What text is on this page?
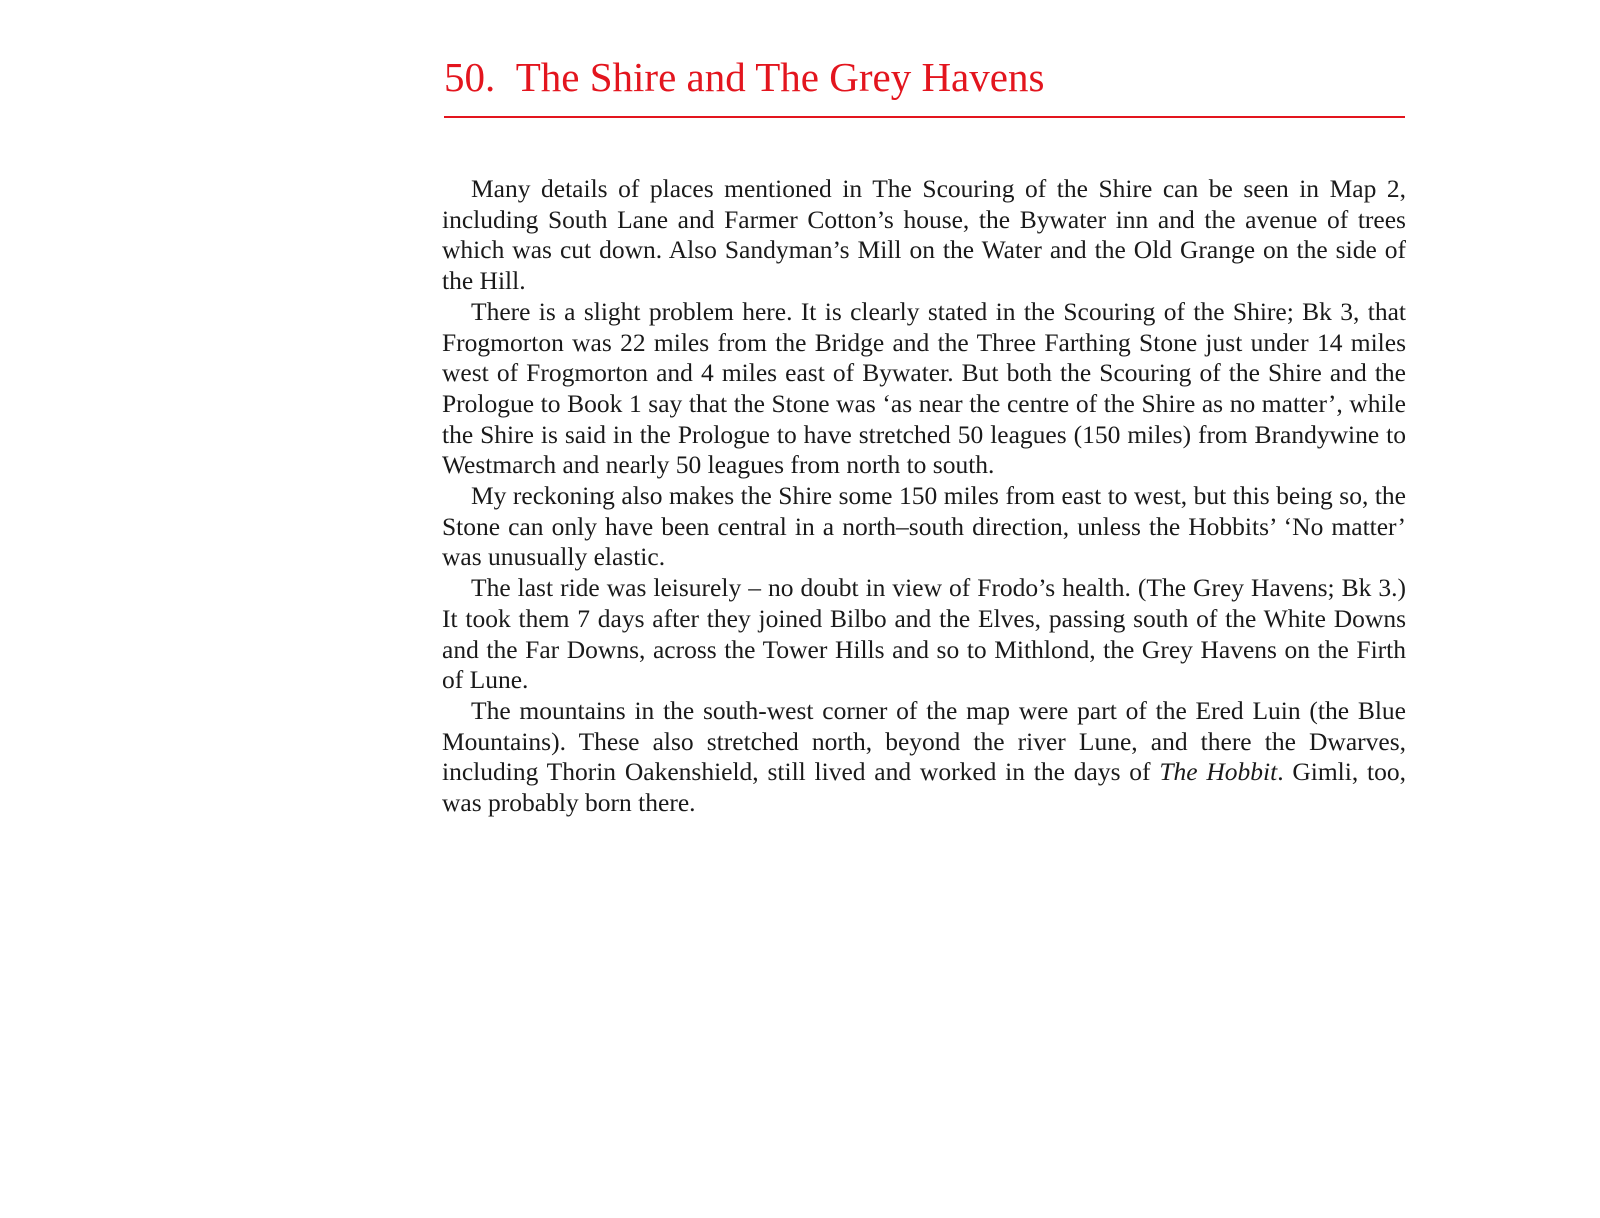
50. The Shire and The Grey Havens

Many details of places mentioned in The Scouring of the Shire can be seen in Map 2, including South Lane and Farmer Cotton’s house, the Bywater inn and the avenue of trees which was cut down. Also Sandyman’s Mill on the Water and the Old Grange on the side of the Hill.

There is a slight problem here. It is clearly stated in the Scouring of the Shire; Bk 3, that Frogmorton was 22 miles from the Bridge and the Three Farthing Stone just under 14 miles west of Frogmorton and 4 miles east of Bywater. But both the Scouring of the Shire and the Prologue to Book 1 say that the Stone was ‘as near the centre of the Shire as no matter’, while the Shire is said in the Prologue to have stretched 50 leagues (150 miles) from Brandywine to Westmarch and nearly 50 leagues from north to south.

My reckoning also makes the Shire some 150 miles from east to west, but this being so, the Stone can only have been central in a north–south direction, unless the Hobbits’ ‘No matter’ was unusually elastic.

The last ride was leisurely – no doubt in view of Frodo’s health. (The Grey Havens; Bk 3.) It took them 7 days after they joined Bilbo and the Elves, passing south of the White Downs and the Far Downs, across the Tower Hills and so to Mithlond, the Grey Havens on the Firth of Lune.

The mountains in the south-west corner of the map were part of the Ered Luin (the Blue Mountains). These also stretched north, beyond the river Lune, and there the Dwarves, including Thorin Oakenshield, still lived and worked in the days of The Hobbit. Gimli, too, was probably born there.
